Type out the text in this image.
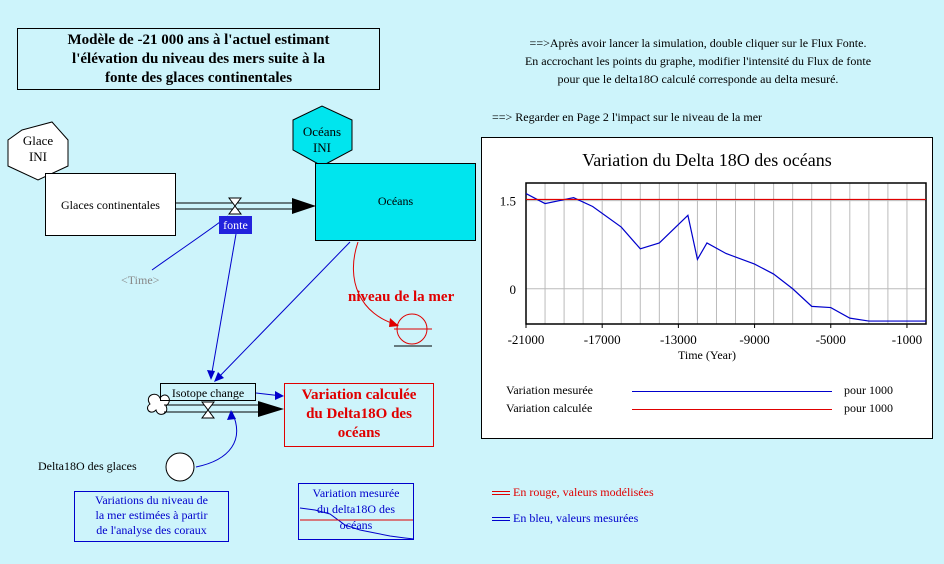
Modèle de -21 000 ans à l'actuel estimant
l'élévation du niveau des mers suite à la
fonte des glaces continentales
==>Après avoir lancer la simulation, double cliquer sur le Flux Fonte.
En accrochant les points du graphe, modifier l'intensité du Flux de fonte
pour que le delta18O calculé corresponde au delta mesuré.
==> Regarder en Page 2 l'impact sur le niveau de la mer
Glace
INI
Océans
INI
Glaces continentales	Océans
fonte
<Time>
niveau de la mer
Isotope change	Variation calculée
du Delta18O des
océans
Delta18O des glaces
Variations du niveau de
la mer estimées à partir
de l'analyse des coraux
Variation mesurée
du delta18O des
océans
En rouge, valeurs modélisées
En bleu, valeurs mesurées
Variation du Delta 18O des océans
-21000	-17000	-13000	-9000	-5000	-1000
1.5
0
Time (Year)
Variation mesurée	pour 1000
Variation calculée	pour 1000
